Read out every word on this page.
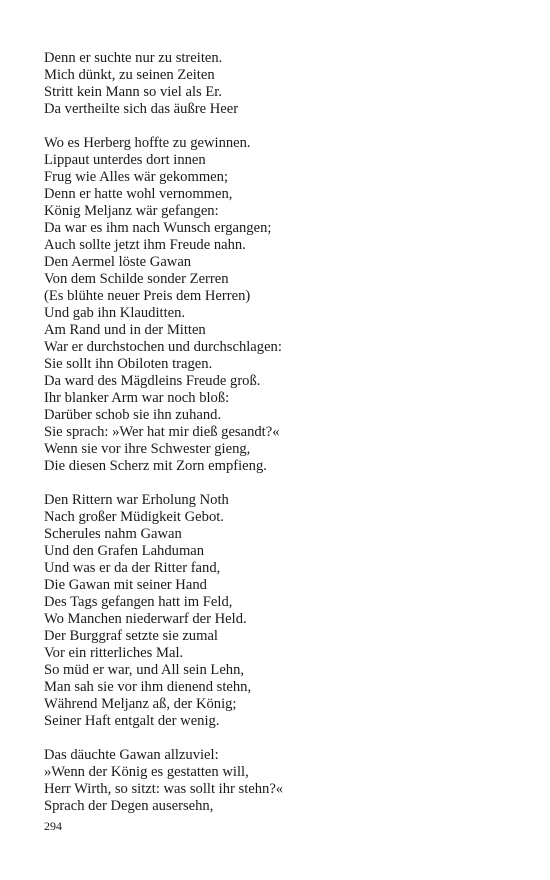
Denn er suchte nur zu streiten.
Mich dünkt, zu seinen Zeiten
Stritt kein Mann so viel als Er.
Da vertheilte sich das äußre Heer
Wo es Herberg hoffte zu gewinnen.
Lippaut unterdes dort innen
Frug wie Alles wär gekommen;
Denn er hatte wohl vernommen,
König Meljanz wär gefangen:
Da war es ihm nach Wunsch ergangen;
Auch sollte jetzt ihm Freude nahn.
Den Aermel löste Gawan
Von dem Schilde sonder Zerren
(Es blühte neuer Preis dem Herren)
Und gab ihn Klauditten.
Am Rand und in der Mitten
War er durchstochen und durchschlagen:
Sie sollt ihn Obiloten tragen.
Da ward des Mägdleins Freude groß.
Ihr blanker Arm war noch bloß:
Darüber schob sie ihn zuhand.
Sie sprach: »Wer hat mir dieß gesandt?«
Wenn sie vor ihre Schwester gieng,
Die diesen Scherz mit Zorn empfieng.
Den Rittern war Erholung Noth
Nach großer Müdigkeit Gebot.
Scherules nahm Gawan
Und den Grafen Lahduman
Und was er da der Ritter fand,
Die Gawan mit seiner Hand
Des Tags gefangen hatt im Feld,
Wo Manchen niederwarf der Held.
Der Burggraf setzte sie zumal
Vor ein ritterliches Mal.
So müd er war, und All sein Lehn,
Man sah sie vor ihm dienend stehn,
Während Meljanz aß, der König;
Seiner Haft entgalt der wenig.
Das däuchte Gawan allzuviel:
»Wenn der König es gestatten will,
Herr Wirth, so sitzt: was sollt ihr stehn?«
Sprach der Degen ausersehn,
294
